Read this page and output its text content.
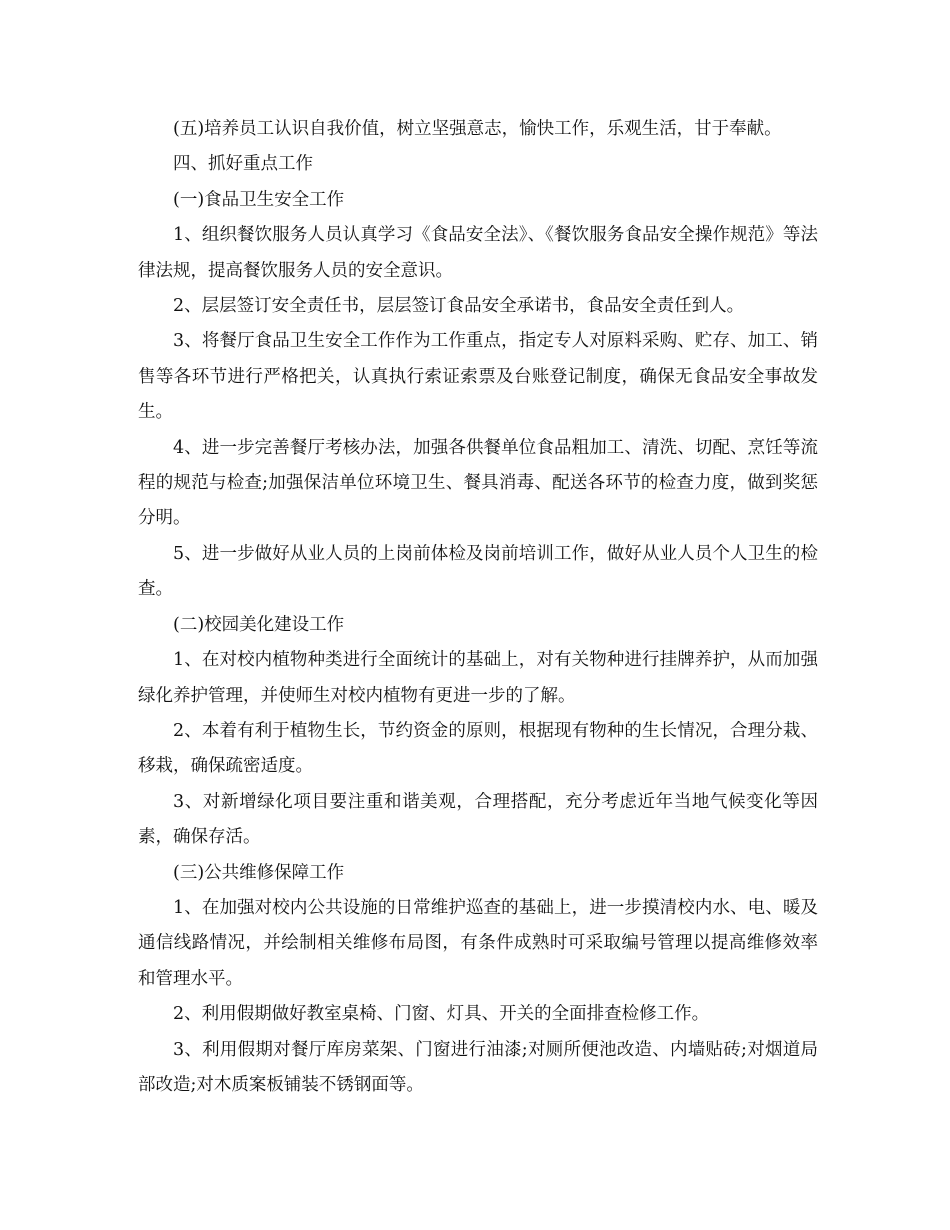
(五)培养员工认识自我价值，树立坚强意志，愉快工作，乐观生活，甘于奉献。

四、抓好重点工作

(一)食品卫生安全工作

1、组织餐饮服务人员认真学习《食品安全法》、《餐饮服务食品安全操作规范》等法律法规，提高餐饮服务人员的安全意识。

2、层层签订安全责任书，层层签订食品安全承诺书，食品安全责任到人。

3、将餐厅食品卫生安全工作作为工作重点，指定专人对原料采购、贮存、加工、销售等各环节进行严格把关，认真执行索证索票及台账登记制度，确保无食品安全事故发生。

4、进一步完善餐厅考核办法，加强各供餐单位食品粗加工、清洗、切配、烹饪等流程的规范与检查;加强保洁单位环境卫生、餐具消毒、配送各环节的检查力度，做到奖惩分明。

5、进一步做好从业人员的上岗前体检及岗前培训工作，做好从业人员个人卫生的检查。

(二)校园美化建设工作

1、在对校内植物种类进行全面统计的基础上，对有关物种进行挂牌养护，从而加强绿化养护管理，并使师生对校内植物有更进一步的了解。

2、本着有利于植物生长，节约资金的原则，根据现有物种的生长情况，合理分栽、移栽，确保疏密适度。

3、对新增绿化项目要注重和谐美观，合理搭配，充分考虑近年当地气候变化等因素，确保存活。

(三)公共维修保障工作

1、在加强对校内公共设施的日常维护巡查的基础上，进一步摸清校内水、电、暖及通信线路情况，并绘制相关维修布局图，有条件成熟时可采取编号管理以提高维修效率和管理水平。

2、利用假期做好教室桌椅、门窗、灯具、开关的全面排查检修工作。

3、利用假期对餐厅库房菜架、门窗进行油漆;对厕所便池改造、内墙贴砖;对烟道局部改造;对木质案板铺装不锈钢面等。
